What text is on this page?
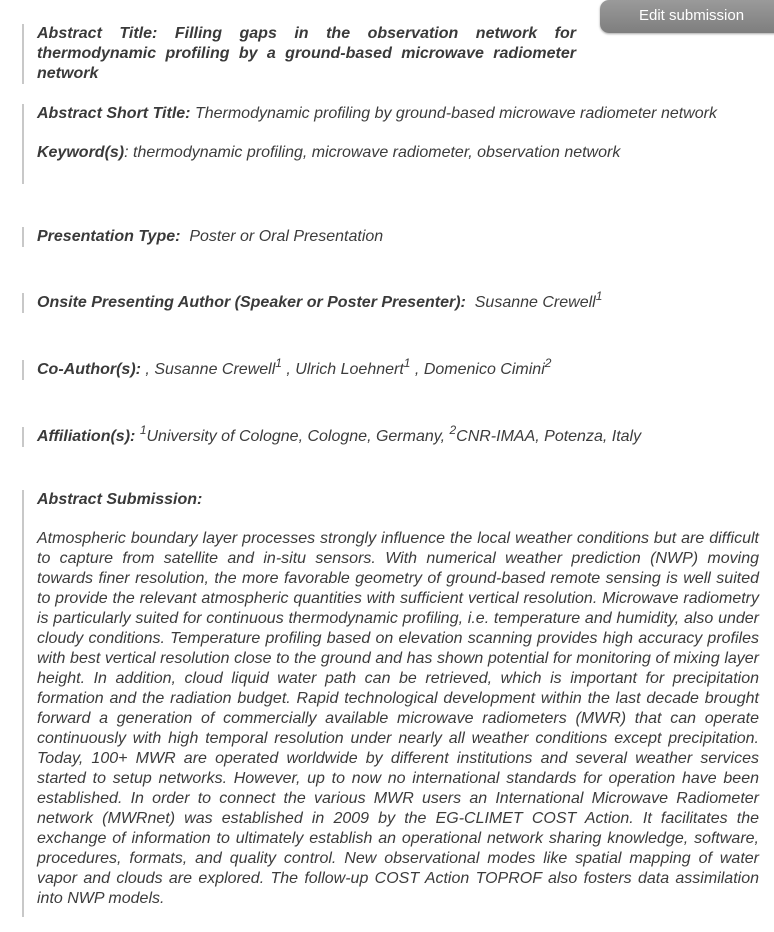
Edit submission
Abstract Title: Filling gaps in the observation network for thermodynamic profiling by a ground-based microwave radiometer network
Abstract Short Title: Thermodynamic profiling by ground-based microwave radiometer network
Keyword(s): thermodynamic profiling, microwave radiometer, observation network
Presentation Type: Poster or Oral Presentation
Onsite Presenting Author (Speaker or Poster Presenter): Susanne Crewell$^1$
Co-Author(s): , Susanne Crewell$^1$ , Ulrich Loehnert$^1$ , Domenico Cimini$^2$
Affiliation(s): $^1$University of Cologne, Cologne, Germany, $^2$CNR-IMAA, Potenza, Italy
Abstract Submission:
Atmospheric boundary layer processes strongly influence the local weather conditions but are difficult to capture from satellite and in-situ sensors. With numerical weather prediction (NWP) moving towards finer resolution, the more favorable geometry of ground-based remote sensing is well suited to provide the relevant atmospheric quantities with sufficient vertical resolution. Microwave radiometry is particularly suited for continuous thermodynamic profiling, i.e. temperature and humidity, also under cloudy conditions. Temperature profiling based on elevation scanning provides high accuracy profiles with best vertical resolution close to the ground and has shown potential for monitoring of mixing layer height. In addition, cloud liquid water path can be retrieved, which is important for precipitation formation and the radiation budget. Rapid technological development within the last decade brought forward a generation of commercially available microwave radiometers (MWR) that can operate continuously with high temporal resolution under nearly all weather conditions except precipitation. Today, 100+ MWR are operated worldwide by different institutions and several weather services started to setup networks. However, up to now no international standards for operation have been established. In order to connect the various MWR users an International Microwave Radiometer network (MWRnet) was established in 2009 by the EG-CLIMET COST Action. It facilitates the exchange of information to ultimately establish an operational network sharing knowledge, software, procedures, formats, and quality control. New observational modes like spatial mapping of water vapor and clouds are explored. The follow-up COST Action TOPROF also fosters data assimilation into NWP models.
